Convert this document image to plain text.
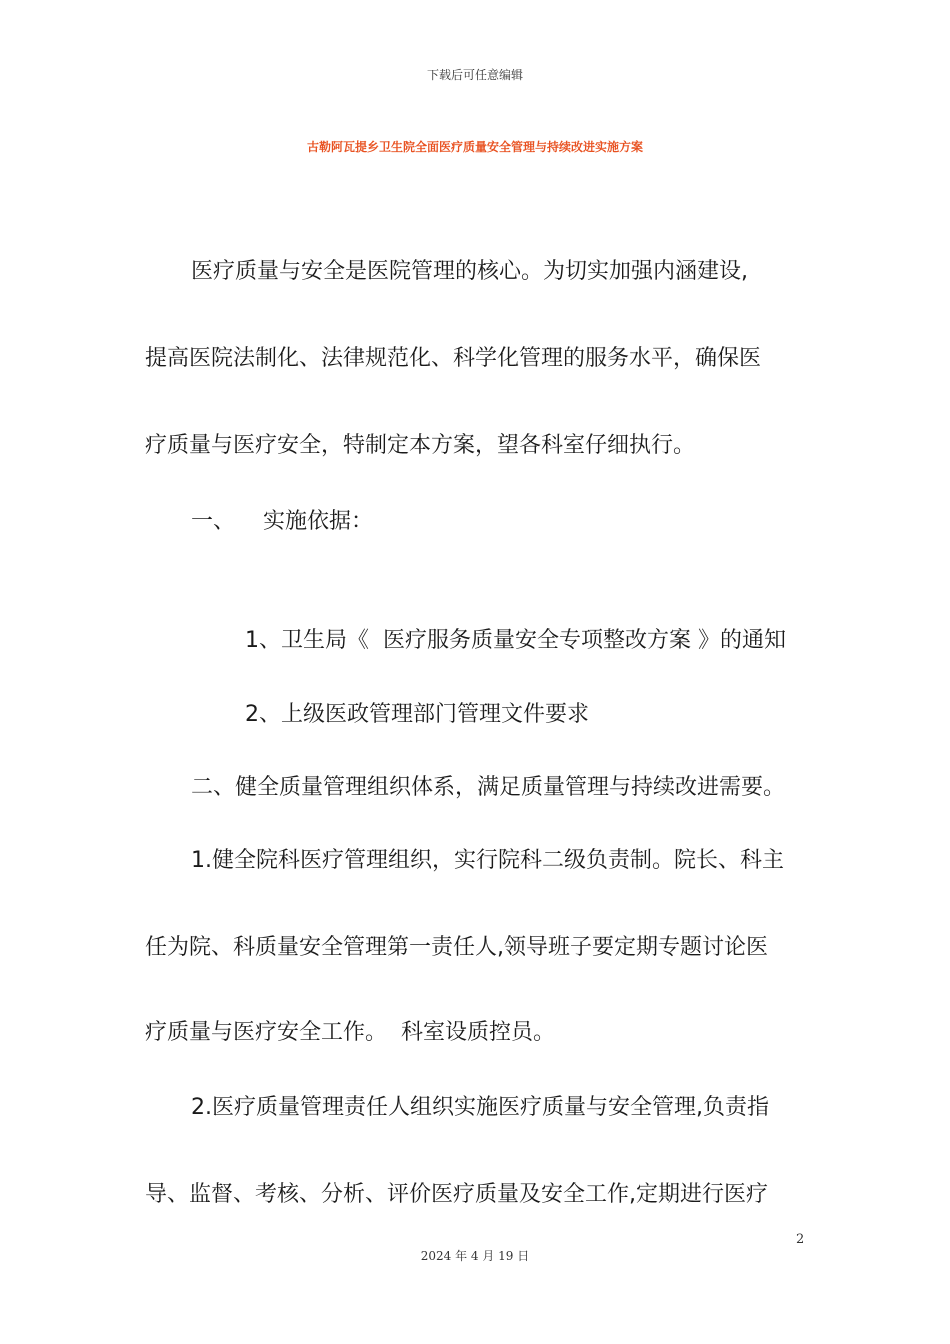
下载后可任意编辑
古勒阿瓦提乡卫生院全面医疗质量安全管理与持续改进实施方案

医疗质量与安全是医院管理的核心。为切实加强内涵建设,

提高医院法制化、法律规范化、科学化管理的服务水平，确保医

疗质量与医疗安全，特制定本方案，望各科室仔细执行。

一、    实施依据：

1、卫生局《  医疗服务质量安全专项整改方案 》的通知

2、上级医政管理部门管理文件要求

二、健全质量管理组织体系，满足质量管理与持续改进需要。

1.健全院科医疗管理组织，实行院科二级负责制。院长、科主

任为院、科质量安全管理第一责任人,领导班子要定期专题讨论医

疗质量与医疗安全工作。  科室设质控员。

2.医疗质量管理责任人组织实施医疗质量与安全管理,负责指

导、监督、考核、分析、评价医疗质量及安全工作,定期进行医疗

2
2024 年 4 月 19 日
